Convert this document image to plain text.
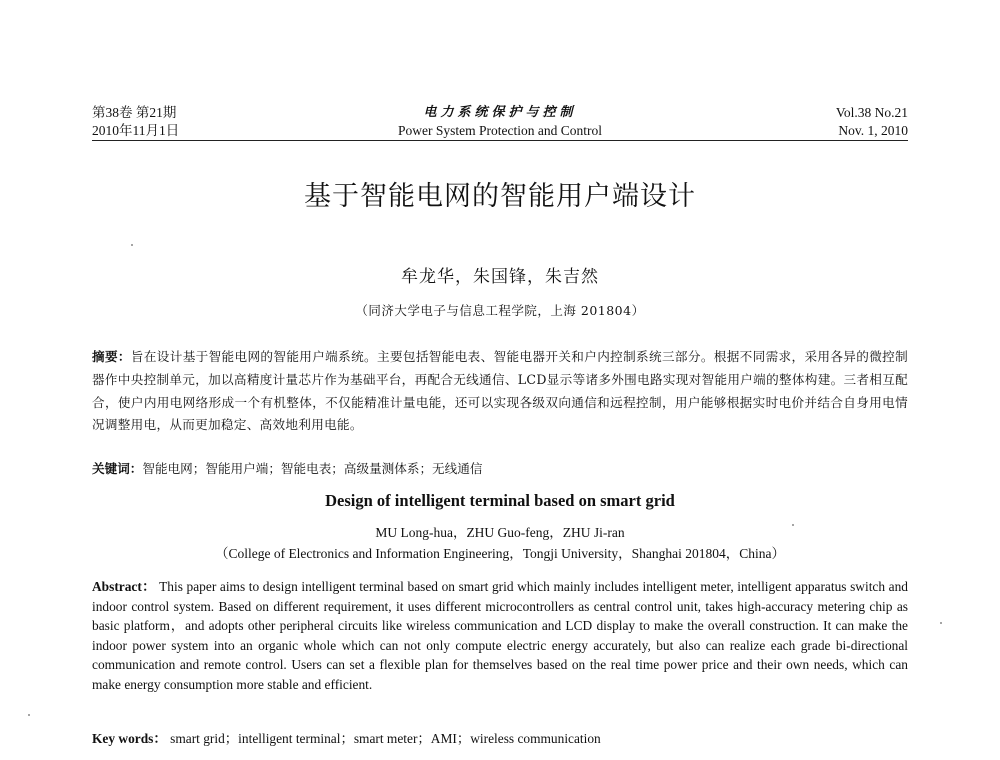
第38卷 第21期
2010年11月1日
电力系统保护与控制
Power System Protection and Control
Vol.38 No.21
Nov. 1, 2010
基于智能电网的智能用户端设计
牟龙华，朱国锋，朱吉然
（同济大学电子与信息工程学院，上海 201804）
摘要：旨在设计基于智能电网的智能用户端系统。主要包括智能电表、智能电器开关和户内控制系统三部分。根据不同需求，采用各异的微控制器作中央控制单元，加以高精度计量芯片作为基础平台，再配合无线通信、LCD显示等诸多外围电路实现对智能用户端的整体构建。三者相互配合，使户内用电网络形成一个有机整体，不仅能精准计量电能，还可以实现各级双向通信和远程控制，用户能够根据实时电价并结合自身用电情况调整用电，从而更加稳定、高效地利用电能。
关键词：智能电网；智能用户端；智能电表；高级量测体系；无线通信
Design of intelligent terminal based on smart grid
MU Long-hua，ZHU Guo-feng，ZHU Ji-ran
（College of Electronics and Information Engineering，Tongji University，Shanghai 201804，China）
Abstract： This paper aims to design intelligent terminal based on smart grid which mainly includes intelligent meter, intelligent apparatus switch and indoor control system. Based on different requirement, it uses different microcontrollers as central control unit, takes high-accuracy metering chip as basic platform，and adopts other peripheral circuits like wireless communication and LCD display to make the overall construction. It can make the indoor power system into an organic whole which can not only compute electric energy accurately, but also can realize each grade bi-directional communication and remote control. Users can set a flexible plan for themselves based on the real time power price and their own needs, which can make energy consumption more stable and efficient.
Key words： smart grid；intelligent terminal；smart meter；AMI；wireless communication
